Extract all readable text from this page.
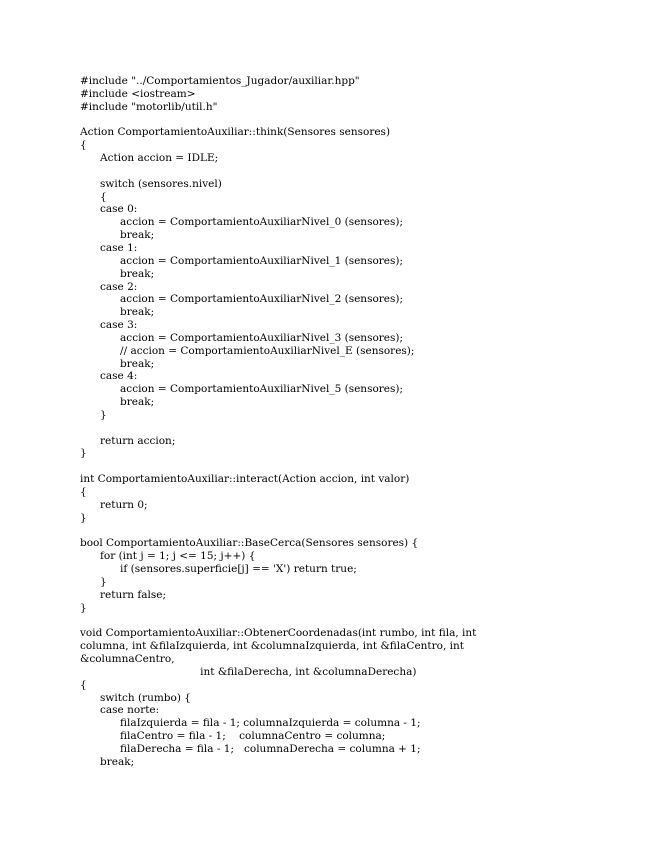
#include "../Comportamientos_Jugador/auxiliar.hpp"
#include <iostream>
#include "motorlib/util.h"
Action ComportamientoAuxiliar::think(Sensores sensores)
{
Action accion = IDLE;
switch (sensores.nivel)
{
case 0:
accion = ComportamientoAuxiliarNivel_0 (sensores);
break;
case 1:
accion = ComportamientoAuxiliarNivel_1 (sensores);
break;
case 2:
accion = ComportamientoAuxiliarNivel_2 (sensores);
break;
case 3:
accion = ComportamientoAuxiliarNivel_3 (sensores);
// accion = ComportamientoAuxiliarNivel_E (sensores);
break;
case 4:
accion = ComportamientoAuxiliarNivel_5 (sensores);
break;
}
return accion;
}
int ComportamientoAuxiliar::interact(Action accion, int valor)
{
return 0;
}
bool ComportamientoAuxiliar::BaseCerca(Sensores sensores) {
for (int j = 1; j <= 15; j++) {
if (sensores.superficie[j] == 'X') return true;
}
return false;
}
void ComportamientoAuxiliar::ObtenerCoordenadas(int rumbo, int fila, int
columna, int &filaIzquierda, int &columnaIzquierda, int &filaCentro, int
&columnaCentro,
int &filaDerecha, int &columnaDerecha)
{
switch (rumbo) {
case norte:
filaIzquierda = fila - 1; columnaIzquierda = columna - 1;
filaCentro = fila - 1;    columnaCentro = columna;
filaDerecha = fila - 1;   columnaDerecha = columna + 1;
break;
